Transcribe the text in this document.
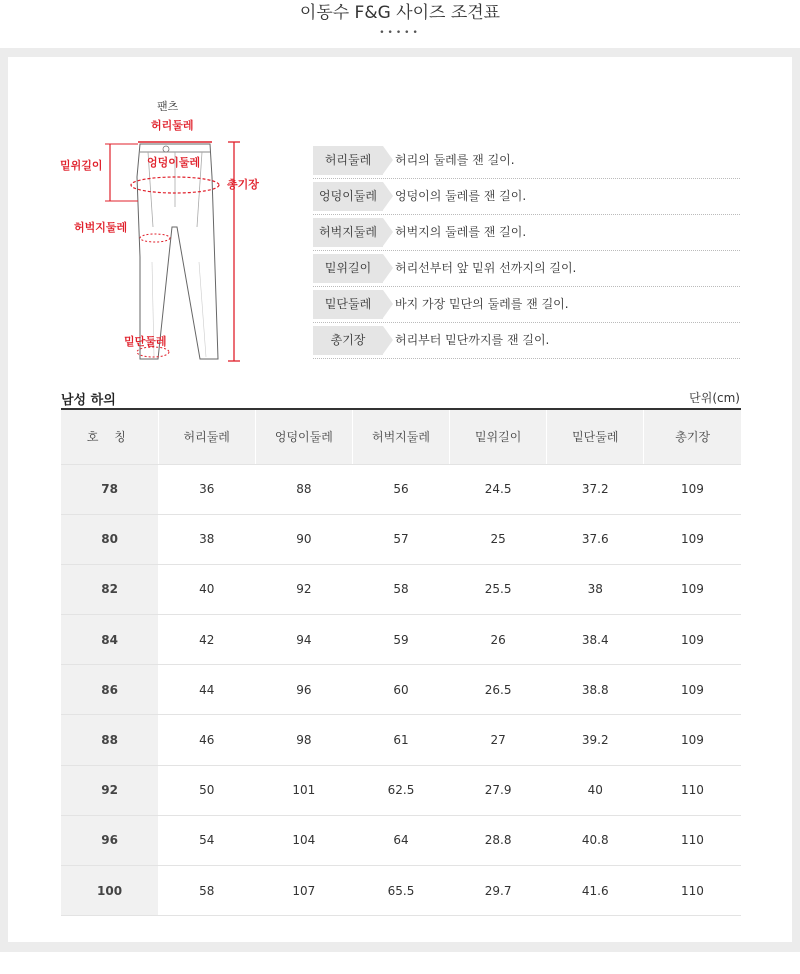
이동수 F&G 사이즈 조견표
•••••
팬츠
허리둘레
밑위길이	엉덩이둘레
총기장
허벅지둘레
밑단둘레
허리둘레	허리의 둘레를 잰 길이.
엉덩이둘레	엉덩이의 둘레를 잰 길이.
허벅지둘레	허벅지의 둘레를 잰 길이.
밑위길이	허리선부터 앞 밑위 선까지의 길이.
밑단둘레	바지 가장 밑단의 둘레를 잰 길이.
총기장	허리부터 밑단까지를 잰 길이.
남성 하의	단위(cm)
호 칭	허리둘레	엉덩이둘레	허벅지둘레	밑위길이	밑단둘레	총기장
78	36	88	56	24.5	37.2	109
80	38	90	57	25	37.6	109
82	40	92	58	25.5	38	109
84	42	94	59	26	38.4	109
86	44	96	60	26.5	38.8	109
88	46	98	61	27	39.2	109
92	50	101	62.5	27.9	40	110
96	54	104	64	28.8	40.8	110
100	58	107	65.5	29.7	41.6	110
